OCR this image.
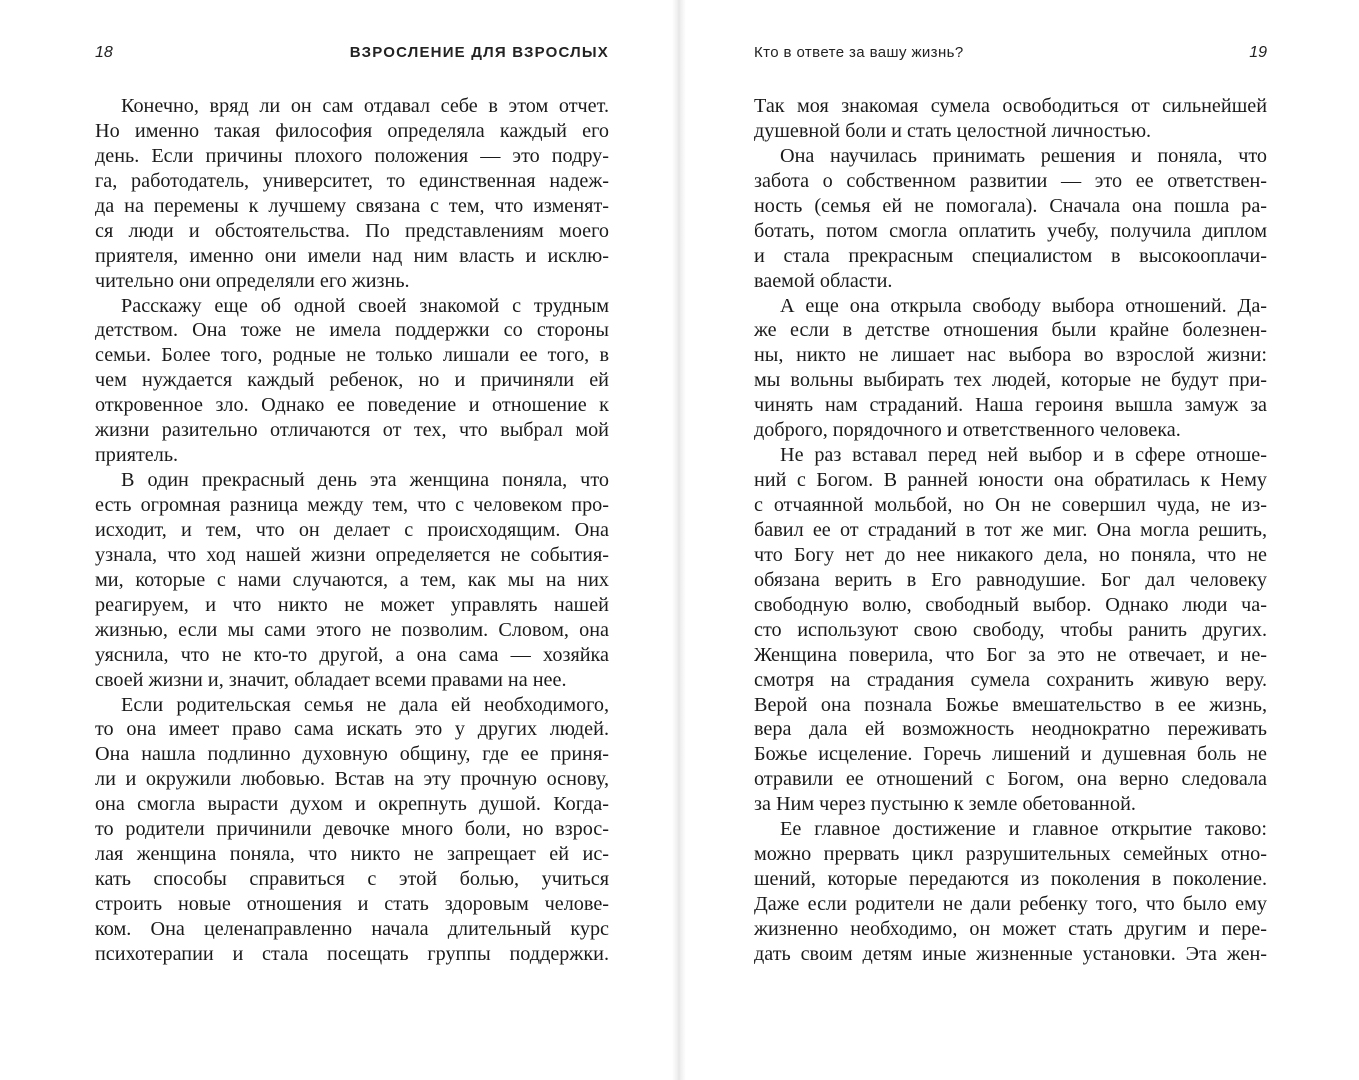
18	ВЗРОСЛЕНИЕ ДЛЯ ВЗРОСЛЫХ	Кто в ответе за вашу жизнь?	19
Конечно, вряд ли он сам отдавал себе в этом отчет.
Но именно такая философия определяла каждый его
день. Если причины плохого положения — это подру-
га, работодатель, университет, то единственная надеж-
да на перемены к лучшему связана с тем, что изменят-
ся люди и обстоятельства. По представлениям моего
приятеля, именно они имели над ним власть и исклю-
чительно они определяли его жизнь.
Расскажу еще об одной своей знакомой с трудным
детством. Она тоже не имела поддержки со стороны
семьи. Более того, родные не только лишали ее того, в
чем нуждается каждый ребенок, но и причиняли ей
откровенное зло. Однако ее поведение и отношение к
жизни разительно отличаются от тех, что выбрал мой
приятель.
В один прекрасный день эта женщина поняла, что
есть огромная разница между тем, что с человеком про-
исходит, и тем, что он делает с происходящим. Она
узнала, что ход нашей жизни определяется не события-
ми, которые с нами случаются, а тем, как мы на них
реагируем, и что никто не может управлять нашей
жизнью, если мы сами этого не позволим. Словом, она
уяснила, что не кто-то другой, а она сама — хозяйка
своей жизни и, значит, обладает всеми правами на нее.
Если родительская семья не дала ей необходимого,
то она имеет право сама искать это у других людей.
Она нашла подлинно духовную общину, где ее приня-
ли и окружили любовью. Встав на эту прочную основу,
она смогла вырасти духом и окрепнуть душой. Когда-
то родители причинили девочке много боли, но взрос-
лая женщина поняла, что никто не запрещает ей ис-
кать способы справиться с этой болью, учиться
строить новые отношения и стать здоровым челове-
ком. Она целенаправленно начала длительный курс
психотерапии и стала посещать группы поддержки.
Так моя знакомая сумела освободиться от сильнейшей
душевной боли и стать целостной личностью.
Она научилась принимать решения и поняла, что
забота о собственном развитии — это ее ответствен-
ность (семья ей не помогала). Сначала она пошла ра-
ботать, потом смогла оплатить учебу, получила диплом
и стала прекрасным специалистом в высокооплачи-
ваемой области.
А еще она открыла свободу выбора отношений. Да-
же если в детстве отношения были крайне болезнен-
ны, никто не лишает нас выбора во взрослой жизни:
мы вольны выбирать тех людей, которые не будут при-
чинять нам страданий. Наша героиня вышла замуж за
доброго, порядочного и ответственного человека.
Не раз вставал перед ней выбор и в сфере отноше-
ний с Богом. В ранней юности она обратилась к Нему
с отчаянной мольбой, но Он не совершил чуда, не из-
бавил ее от страданий в тот же миг. Она могла решить,
что Богу нет до нее никакого дела, но поняла, что не
обязана верить в Его равнодушие. Бог дал человеку
свободную волю, свободный выбор. Однако люди ча-
сто используют свою свободу, чтобы ранить других.
Женщина поверила, что Бог за это не отвечает, и не-
смотря на страдания сумела сохранить живую веру.
Верой она познала Божье вмешательство в ее жизнь,
вера дала ей возможность неоднократно переживать
Божье исцеление. Горечь лишений и душевная боль не
отравили ее отношений с Богом, она верно следовала
за Ним через пустыню к земле обетованной.
Ее главное достижение и главное открытие таково:
можно прервать цикл разрушительных семейных отно-
шений, которые передаются из поколения в поколение.
Даже если родители не дали ребенку того, что было ему
жизненно необходимо, он может стать другим и пере-
дать своим детям иные жизненные установки. Эта жен-
